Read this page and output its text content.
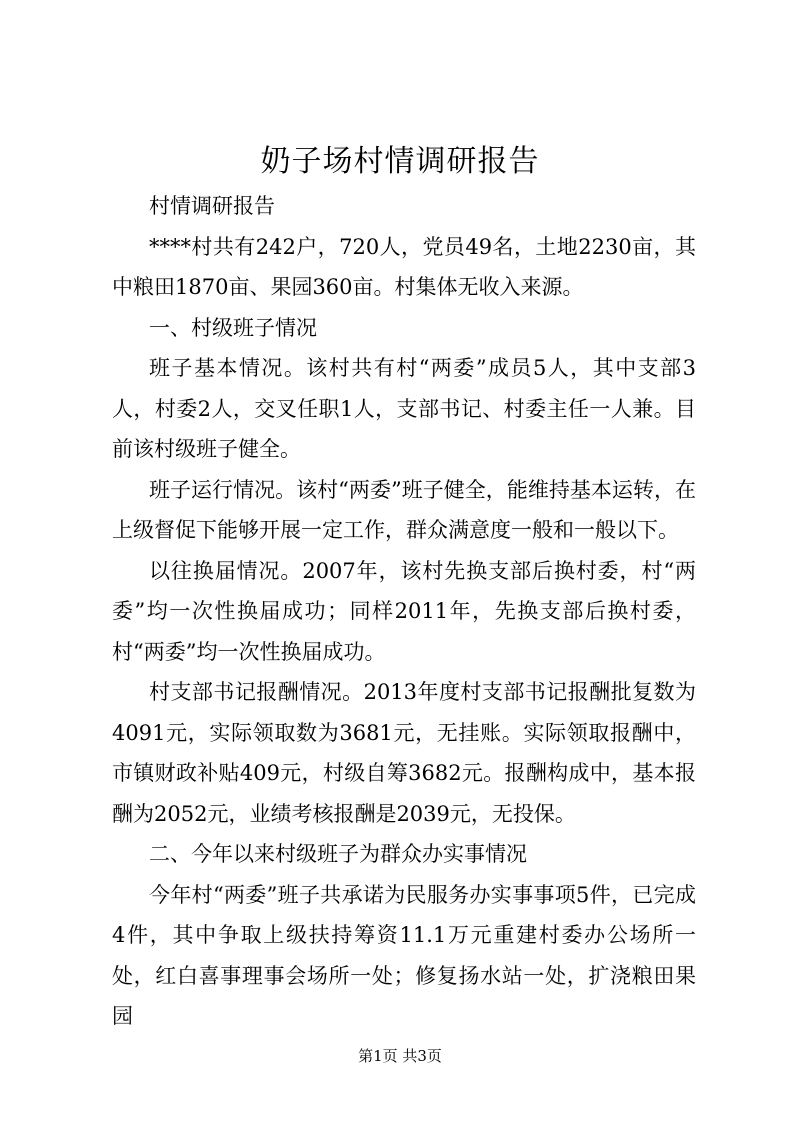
奶子场村情调研报告

村情调研报告

****村共有242户，720人，党员49名，土地2230亩，其中粮田1870亩、果园360亩。村集体无收入来源。

一、村级班子情况

班子基本情况。该村共有村“两委”成员5人，其中支部3人，村委2人，交叉任职1人，支部书记、村委主任一人兼。目前该村级班子健全。

班子运行情况。该村“两委”班子健全，能维持基本运转，在上级督促下能够开展一定工作，群众满意度一般和一般以下。

以往换届情况。2007年，该村先换支部后换村委，村“两委”均一次性换届成功；同样2011年，先换支部后换村委，村“两委”均一次性换届成功。

村支部书记报酬情况。2013年度村支部书记报酬批复数为4091元，实际领取数为3681元，无挂账。实际领取报酬中，市镇财政补贴409元，村级自筹3682元。报酬构成中，基本报酬为2052元，业绩考核报酬是2039元，无投保。

二、今年以来村级班子为群众办实事情况

今年村“两委”班子共承诺为民服务办实事事项5件，已完成4件，其中争取上级扶持筹资11.1万元重建村委办公场所一处，红白喜事理事会场所一处；修复扬水站一处，扩浇粮田果园

第1页 共3页
